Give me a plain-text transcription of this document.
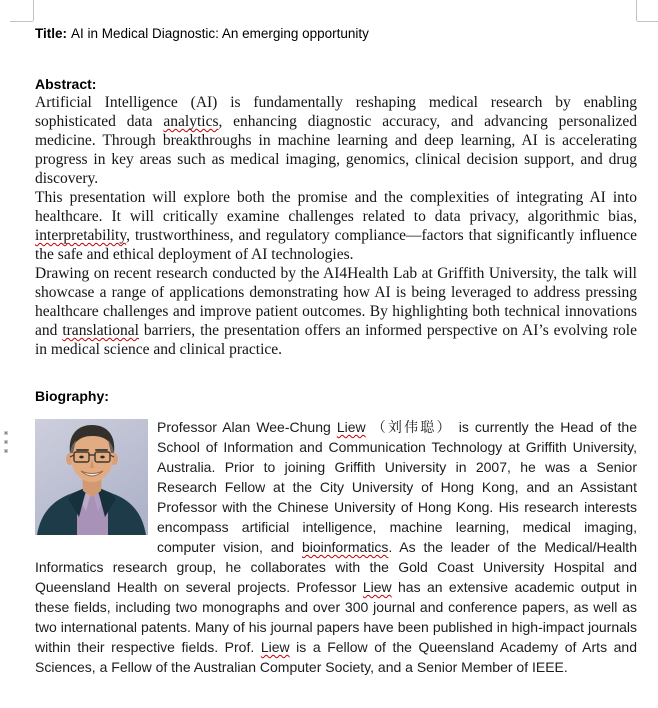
Title: AI in Medical Diagnostic: An emerging opportunity

Abstract:

Artificial Intelligence (AI) is fundamentally reshaping medical research by enabling sophisticated data analytics, enhancing diagnostic accuracy, and advancing personalized medicine. Through breakthroughs in machine learning and deep learning, AI is accelerating progress in key areas such as medical imaging, genomics, clinical decision support, and drug discovery.

This presentation will explore both the promise and the complexities of integrating AI into healthcare. It will critically examine challenges related to data privacy, algorithmic bias, interpretability, trustworthiness, and regulatory compliance—factors that significantly influence the safe and ethical deployment of AI technologies.

Drawing on recent research conducted by the AI4Health Lab at Griffith University, the talk will showcase a range of applications demonstrating how AI is being leveraged to address pressing healthcare challenges and improve patient outcomes. By highlighting both technical innovations and translational barriers, the presentation offers an informed perspective on AI’s evolving role in medical science and clinical practice.

Biography:

Professor Alan Wee-Chung Liew （刘伟聪） is currently the Head of the School of Information and Communication Technology at Griffith University, Australia. Prior to joining Griffith University in 2007, he was a Senior Research Fellow at the City University of Hong Kong, and an Assistant Professor with the Chinese University of Hong Kong. His research interests encompass artificial intelligence, machine learning, medical imaging, computer vision, and bioinformatics. As the leader of the Medical/Health Informatics research group, he collaborates with the Gold Coast University Hospital and Queensland Health on several projects. Professor Liew has an extensive academic output in these fields, including two monographs and over 300 journal and conference papers, as well as two international patents. Many of his journal papers have been published in high-impact journals within their respective fields. Prof. Liew is a Fellow of the Queensland Academy of Arts and Sciences, a Fellow of the Australian Computer Society, and a Senior Member of IEEE.
